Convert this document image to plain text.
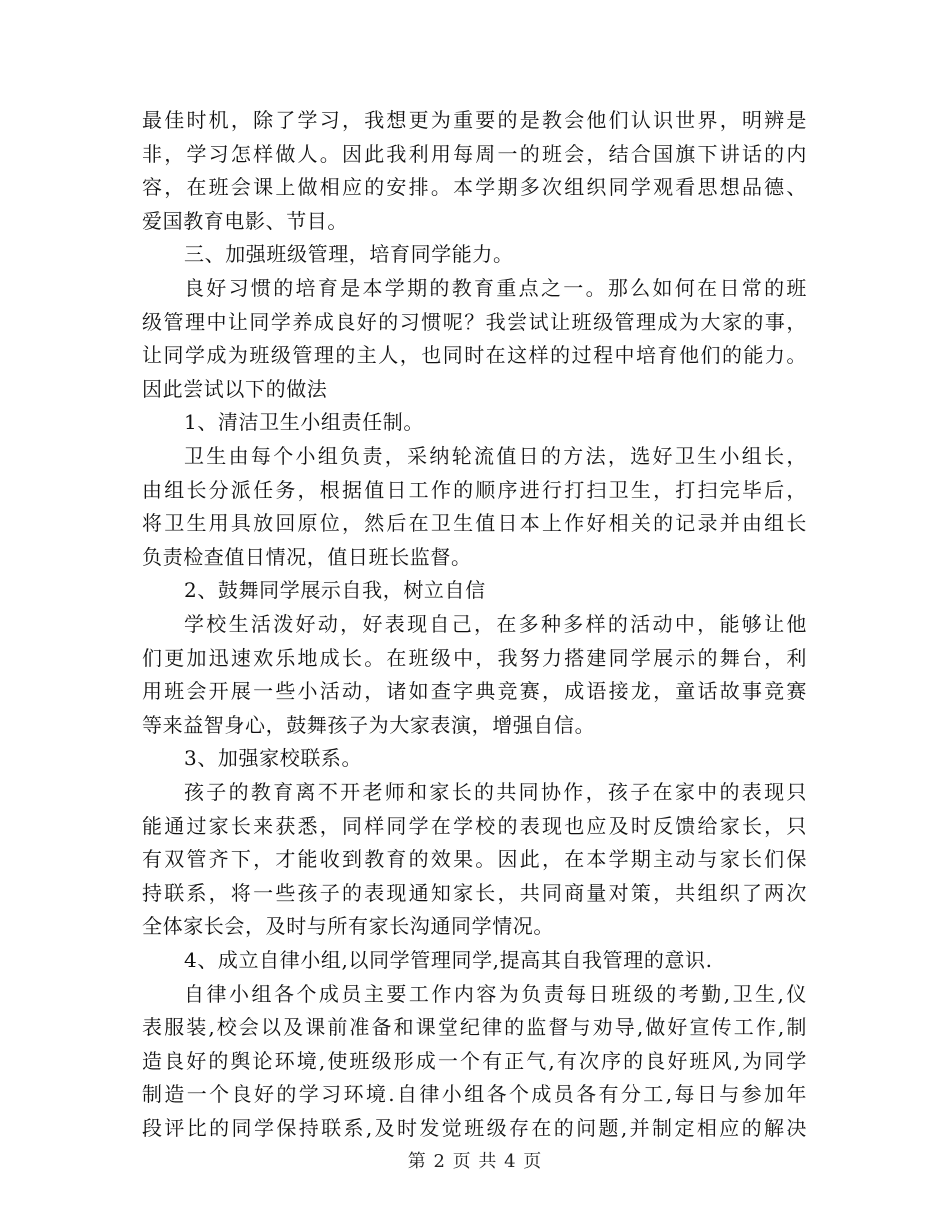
最佳时机，除了学习，我想更为重要的是教会他们认识世界，明辨是
非，学习怎样做人。因此我利用每周一的班会，结合国旗下讲话的内
容，在班会课上做相应的安排。本学期多次组织同学观看思想品德、
爱国教育电影、节目。
三、加强班级管理，培育同学能力。
良好习惯的培育是本学期的教育重点之一。那么如何在日常的班
级管理中让同学养成良好的习惯呢？我尝试让班级管理成为大家的事，
让同学成为班级管理的主人，也同时在这样的过程中培育他们的能力。
因此尝试以下的做法
1、清洁卫生小组责任制。
卫生由每个小组负责，采纳轮流值日的方法，选好卫生小组长，
由组长分派任务，根据值日工作的顺序进行打扫卫生，打扫完毕后，
将卫生用具放回原位，然后在卫生值日本上作好相关的记录并由组长
负责检查值日情况，值日班长监督。
2、鼓舞同学展示自我，树立自信
学校生活泼好动，好表现自己，在多种多样的活动中，能够让他
们更加迅速欢乐地成长。在班级中，我努力搭建同学展示的舞台，利
用班会开展一些小活动，诸如查字典竞赛，成语接龙，童话故事竞赛
等来益智身心，鼓舞孩子为大家表演，增强自信。
3、加强家校联系。
孩子的教育离不开老师和家长的共同协作，孩子在家中的表现只
能通过家长来获悉，同样同学在学校的表现也应及时反馈给家长，只
有双管齐下，才能收到教育的效果。因此，在本学期主动与家长们保
持联系，将一些孩子的表现通知家长，共同商量对策，共组织了两次
全体家长会，及时与所有家长沟通同学情况。
4、成立自律小组,以同学管理同学,提高其自我管理的意识.
自律小组各个成员主要工作内容为负责每日班级的考勤,卫生,仪
表服装,校会以及课前准备和课堂纪律的监督与劝导,做好宣传工作,制
造良好的舆论环境,使班级形成一个有正气,有次序的良好班风,为同学
制造一个良好的学习环境.自律小组各个成员各有分工,每日与参加年
段评比的同学保持联系,及时发觉班级存在的问题,并制定相应的解决
第 2 页 共 4 页
